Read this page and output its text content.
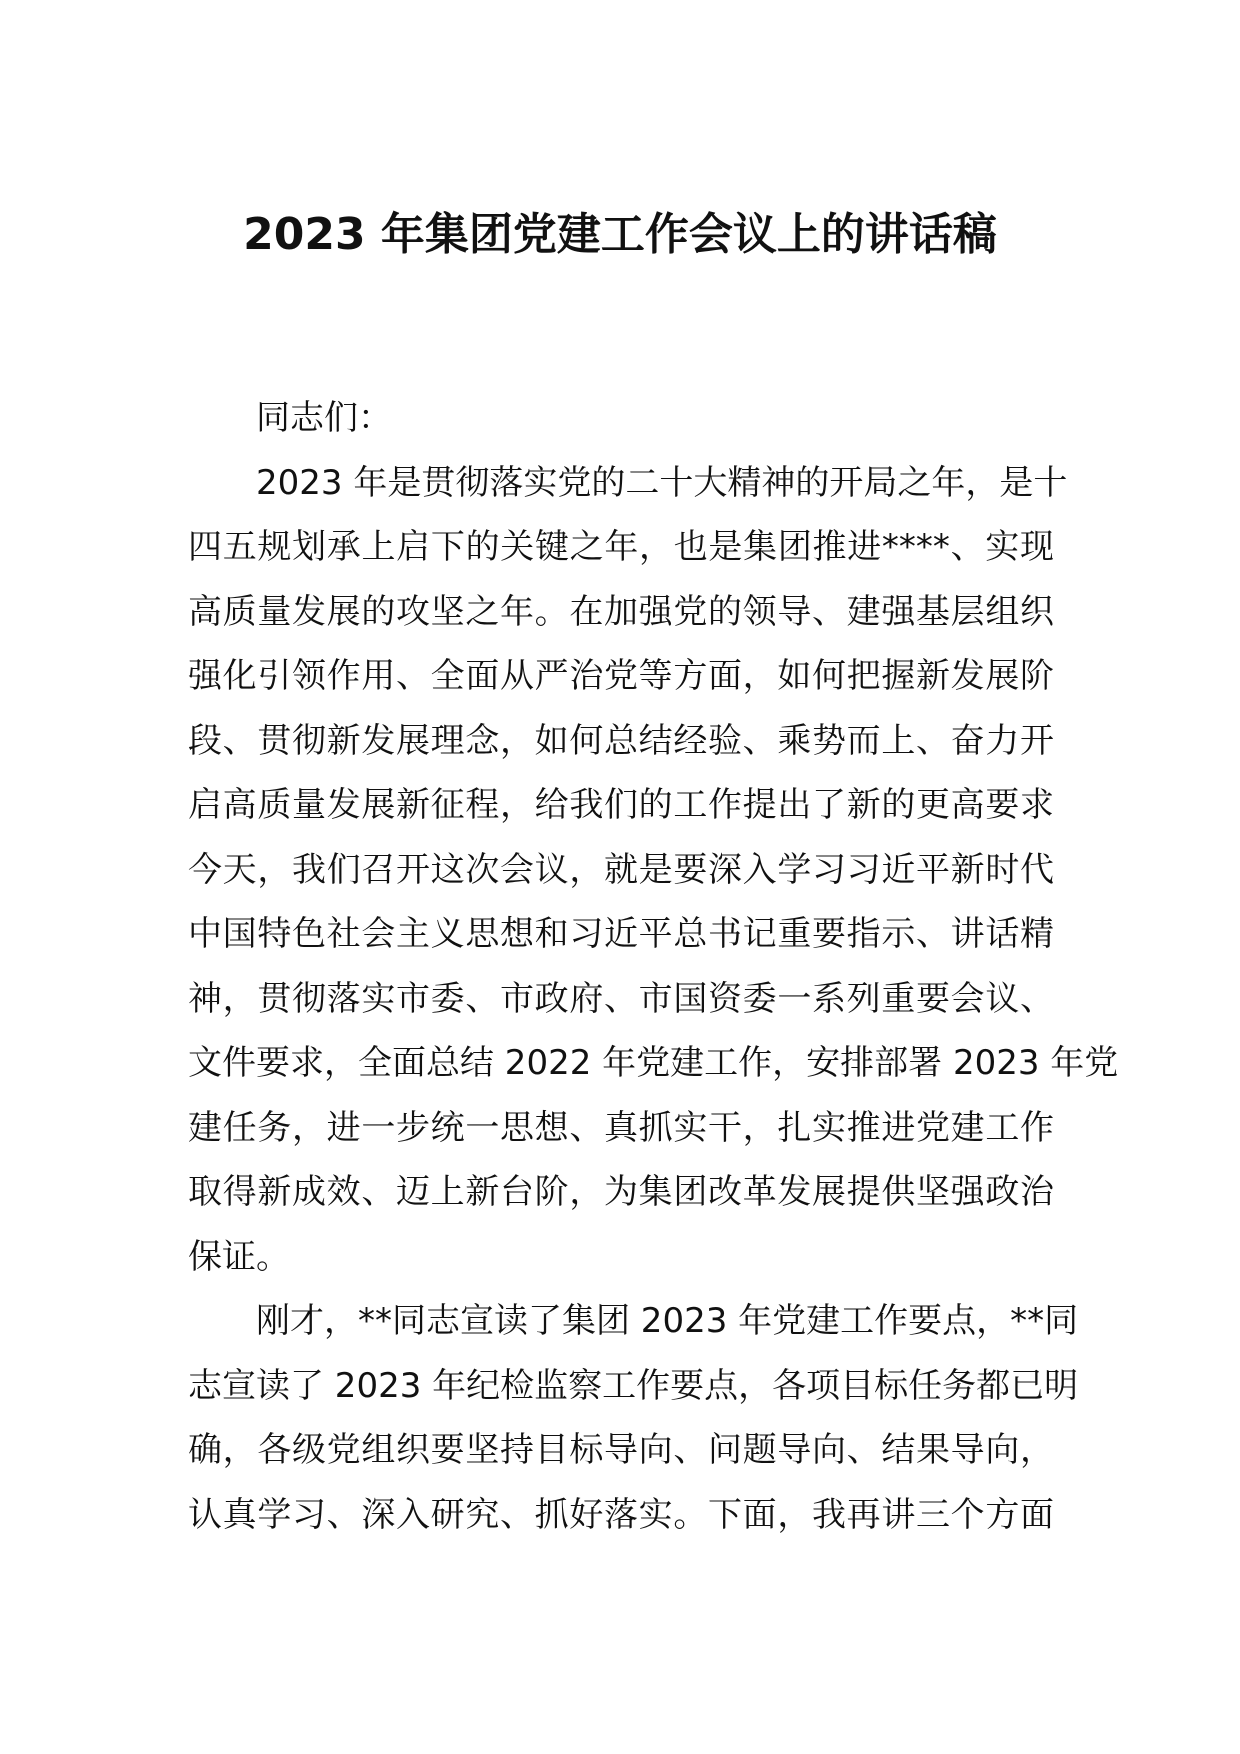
2023 年集团党建工作会议上的讲话稿
同志们：
2023 年是贯彻落实党的二十大精神的开局之年，是十
四五规划承上启下的关键之年，也是集团推进****、实现
高质量发展的攻坚之年。在加强党的领导、建强基层组织
强化引领作用、全面从严治党等方面，如何把握新发展阶
段、贯彻新发展理念，如何总结经验、乘势而上、奋力开
启高质量发展新征程，给我们的工作提出了新的更高要求
今天，我们召开这次会议，就是要深入学习习近平新时代
中国特色社会主义思想和习近平总书记重要指示、讲话精
神，贯彻落实市委、市政府、市国资委一系列重要会议、
文件要求，全面总结 2022 年党建工作，安排部署 2023 年党
建任务，进一步统一思想、真抓实干，扎实推进党建工作
取得新成效、迈上新台阶，为集团改革发展提供坚强政治
保证。
刚才，**同志宣读了集团 2023 年党建工作要点，**同
志宣读了 2023 年纪检监察工作要点，各项目标任务都已明
确，各级党组织要坚持目标导向、问题导向、结果导向，
认真学习、深入研究、抓好落实。下面，我再讲三个方面
